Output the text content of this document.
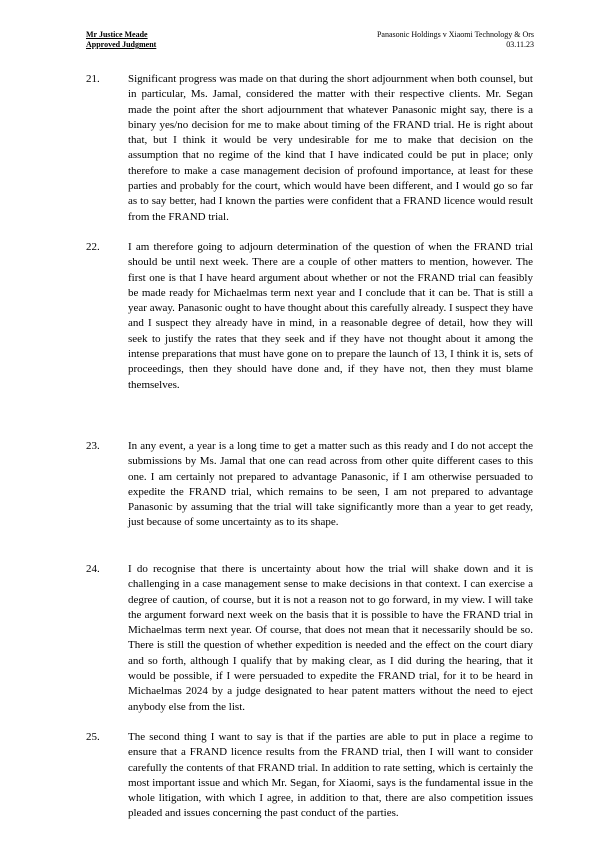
Mr Justice Meade
Approved Judgment
Panasonic Holdings v Xiaomi Technology & Ors
03.11.23
21.	Significant progress was made on that during the short adjournment when both counsel, but in particular, Ms. Jamal, considered the matter with their respective clients. Mr. Segan made the point after the short adjournment that whatever Panasonic might say, there is a binary yes/no decision for me to make about timing of the FRAND trial. He is right about that, but I think it would be very undesirable for me to make that decision on the assumption that no regime of the kind that I have indicated could be put in place; only therefore to make a case management decision of profound importance, at least for these parties and probably for the court, which would have been different, and I would go so far as to say better, had I known the parties were confident that a FRAND licence would result from the FRAND trial.
22.	I am therefore going to adjourn determination of the question of when the FRAND trial should be until next week. There are a couple of other matters to mention, however. The first one is that I have heard argument about whether or not the FRAND trial can feasibly be made ready for Michaelmas term next year and I conclude that it can be. That is still a year away. Panasonic ought to have thought about this carefully already. I suspect they have and I suspect they already have in mind, in a reasonable degree of detail, how they will seek to justify the rates that they seek and if they have not thought about it among the intense preparations that must have gone on to prepare the launch of 13, I think it is, sets of proceedings, then they should have done and, if they have not, then they must blame themselves.
23.	In any event, a year is a long time to get a matter such as this ready and I do not accept the submissions by Ms. Jamal that one can read across from other quite different cases to this one. I am certainly not prepared to advantage Panasonic, if I am otherwise persuaded to expedite the FRAND trial, which remains to be seen, I am not prepared to advantage Panasonic by assuming that the trial will take significantly more than a year to get ready, just because of some uncertainty as to its shape.
24.	I do recognise that there is uncertainty about how the trial will shake down and it is challenging in a case management sense to make decisions in that context. I can exercise a degree of caution, of course, but it is not a reason not to go forward, in my view. I will take the argument forward next week on the basis that it is possible to have the FRAND trial in Michaelmas term next year. Of course, that does not mean that it necessarily should be so. There is still the question of whether expedition is needed and the effect on the court diary and so forth, although I qualify that by making clear, as I did during the hearing, that it would be possible, if I were persuaded to expedite the FRAND trial, for it to be heard in Michaelmas 2024 by a judge designated to hear patent matters without the need to eject anybody else from the list.
25.	The second thing I want to say is that if the parties are able to put in place a regime to ensure that a FRAND licence results from the FRAND trial, then I will want to consider carefully the contents of that FRAND trial. In addition to rate setting, which is certainly the most important issue and which Mr. Segan, for Xiaomi, says is the fundamental issue in the whole litigation, with which I agree, in addition to that, there are also competition issues pleaded and issues concerning the past conduct of the parties.
